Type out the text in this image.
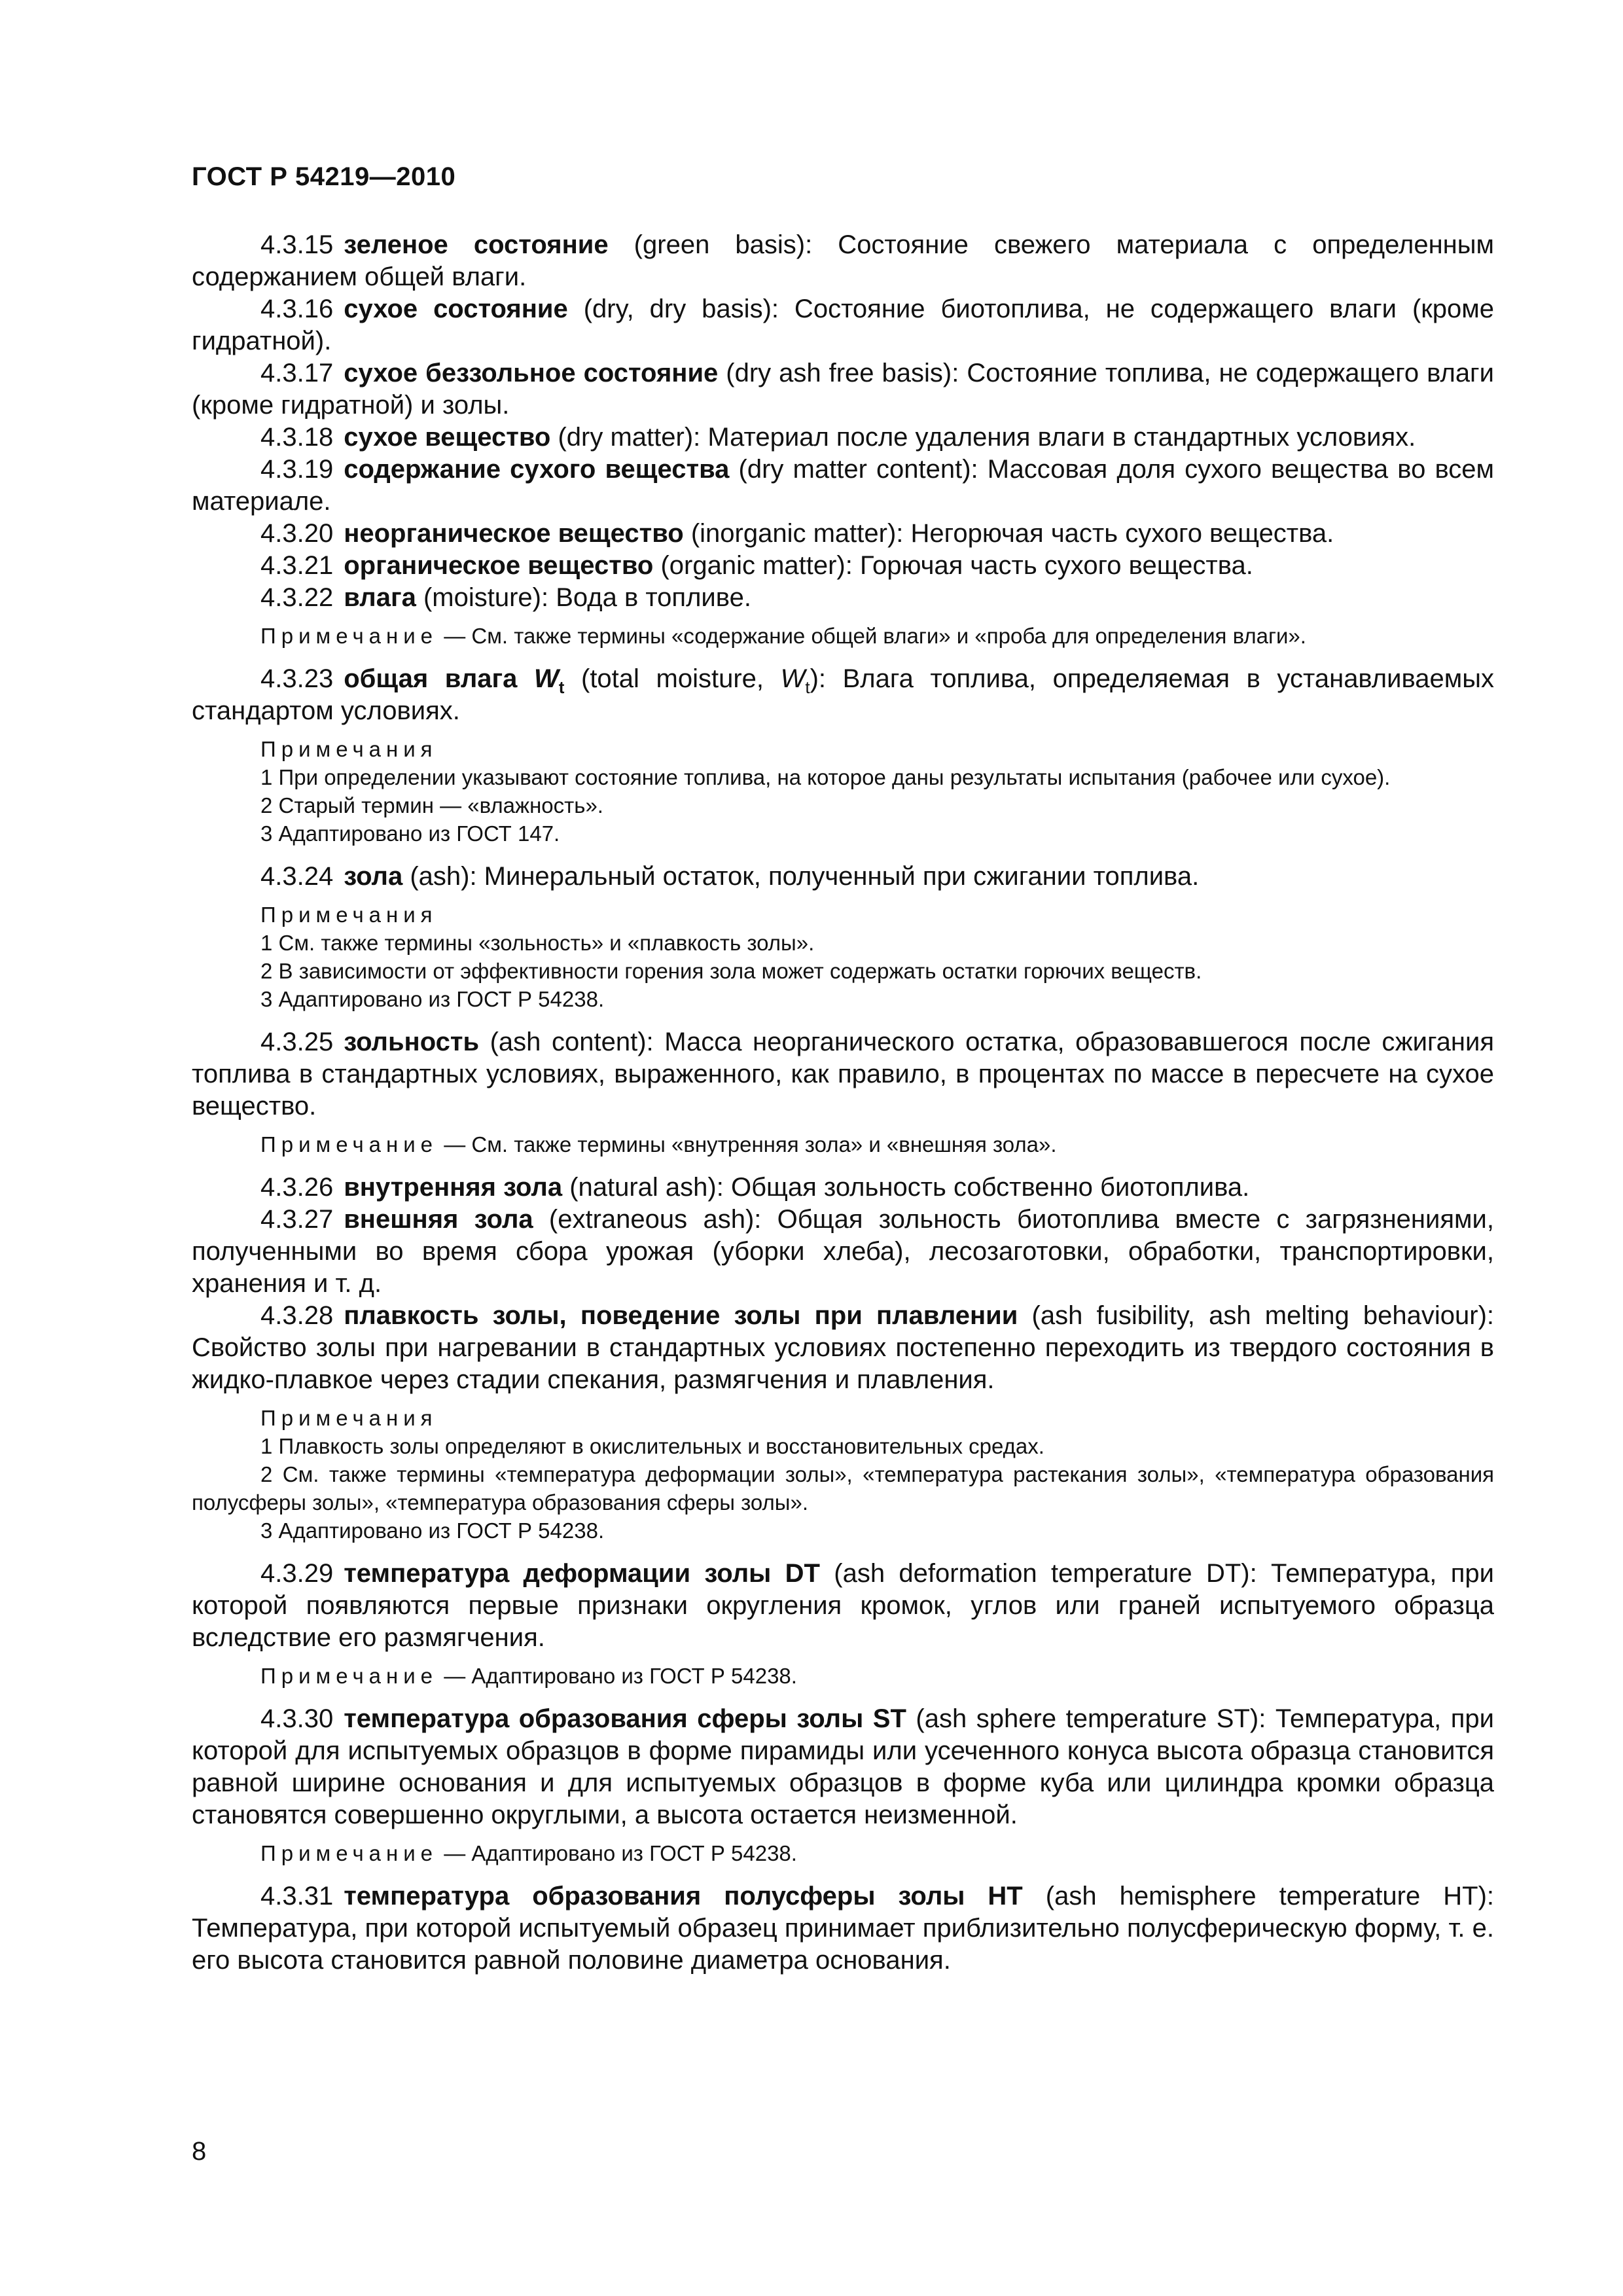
ГОСТ Р 54219—2010

4.3.15 зеленое состояние (green basis): Состояние свежего материала с определенным содержанием общей влаги.

4.3.16 сухое состояние (dry, dry basis): Состояние биотоплива, не содержащего влаги (кроме гидратной).

4.3.17 сухое беззольное состояние (dry ash free basis): Состояние топлива, не содержащего влаги (кроме гидратной) и золы.

4.3.18 сухое вещество (dry matter): Материал после удаления влаги в стандартных условиях.

4.3.19 содержание сухого вещества (dry matter content): Массовая доля сухого вещества во всем материале.

4.3.20 неорганическое вещество (inorganic matter): Негорючая часть сухого вещества.

4.3.21 органическое вещество (organic matter): Горючая часть сухого вещества.

4.3.22 влага (moisture): Вода в топливе.

Примечание — См. также термины «содержание общей влаги» и «проба для определения влаги».

4.3.23 общая влага $W_t$ (total moisture, $W_t$): Влага топлива, определяемая в устанавливаемых стандартом условиях.

Примечания

1 При определении указывают состояние топлива, на которое даны результаты испытания (рабочее или сухое).

2 Старый термин — «влажность».

3 Адаптировано из ГОСТ 147.

4.3.24 зола (ash): Минеральный остаток, полученный при сжигании топлива.

Примечания

1 См. также термины «зольность» и «плавкость золы».

2 В зависимости от эффективности горения зола может содержать остатки горючих веществ.

3 Адаптировано из ГОСТ Р 54238.

4.3.25 зольность (ash content): Масса неорганического остатка, образовавшегося после сжигания топлива в стандартных условиях, выраженного, как правило, в процентах по массе в пересчете на сухое вещество.

Примечание — См. также термины «внутренняя зола» и «внешняя зола».

4.3.26 внутренняя зола (natural ash): Общая зольность собственно биотоплива.

4.3.27 внешняя зола (extraneous ash): Общая зольность биотоплива вместе с загрязнениями, полученными во время сбора урожая (уборки хлеба), лесозаготовки, обработки, транспортировки, хранения и т. д.

4.3.28 плавкость золы, поведение золы при плавлении (ash fusibility, ash melting behaviour): Свойство золы при нагревании в стандартных условиях постепенно переходить из твердого состояния в жидко-плавкое через стадии спекания, размягчения и плавления.

Примечания

1 Плавкость золы определяют в окислительных и восстановительных средах.

2 См. также термины «температура деформации золы», «температура растекания золы», «температура образования полусферы золы», «температура образования сферы золы».

3 Адаптировано из ГОСТ Р 54238.

4.3.29 температура деформации золы DT (ash deformation temperature DT): Температура, при которой появляются первые признаки округления кромок, углов или граней испытуемого образца вследствие его размягчения.

Примечание — Адаптировано из ГОСТ Р 54238.

4.3.30 температура образования сферы золы ST (ash sphere temperature ST): Температура, при которой для испытуемых образцов в форме пирамиды или усеченного конуса высота образца становится равной ширине основания и для испытуемых образцов в форме куба или цилиндра кромки образца становятся совершенно округлыми, а высота остается неизменной.

Примечание — Адаптировано из ГОСТ Р 54238.

4.3.31 температура образования полусферы золы HT (ash hemisphere temperature HT): Температура, при которой испытуемый образец принимает приблизительно полусферическую форму, т. е. его высота становится равной половине диаметра основания.

8
